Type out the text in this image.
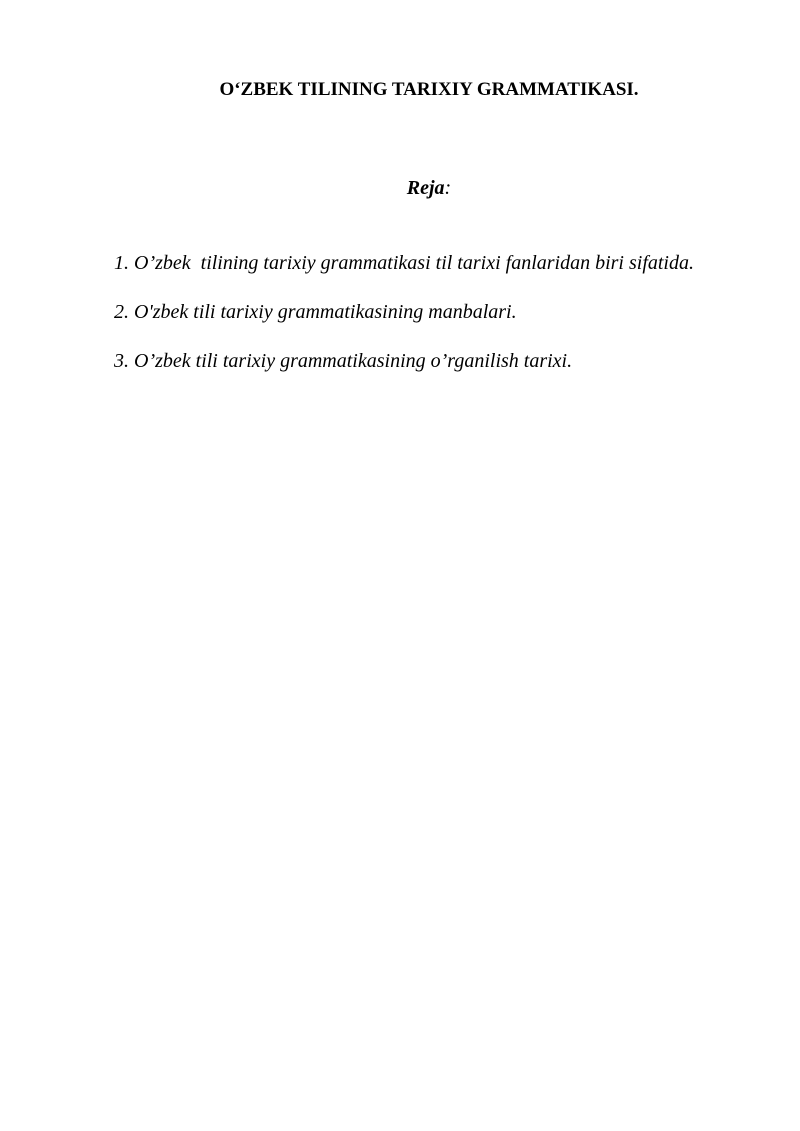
O‘ZBEK TILINING TARIXIY GRAMMATIKASI.
Reja:
1. O’zbek  tilining tarixiy grammatikasi til tarixi fanlaridan biri sifatida.
2. O'zbek tili tarixiy grammatikasining manbalari.
3. O’zbek tili tarixiy grammatikasining o’rganilish tarixi.
